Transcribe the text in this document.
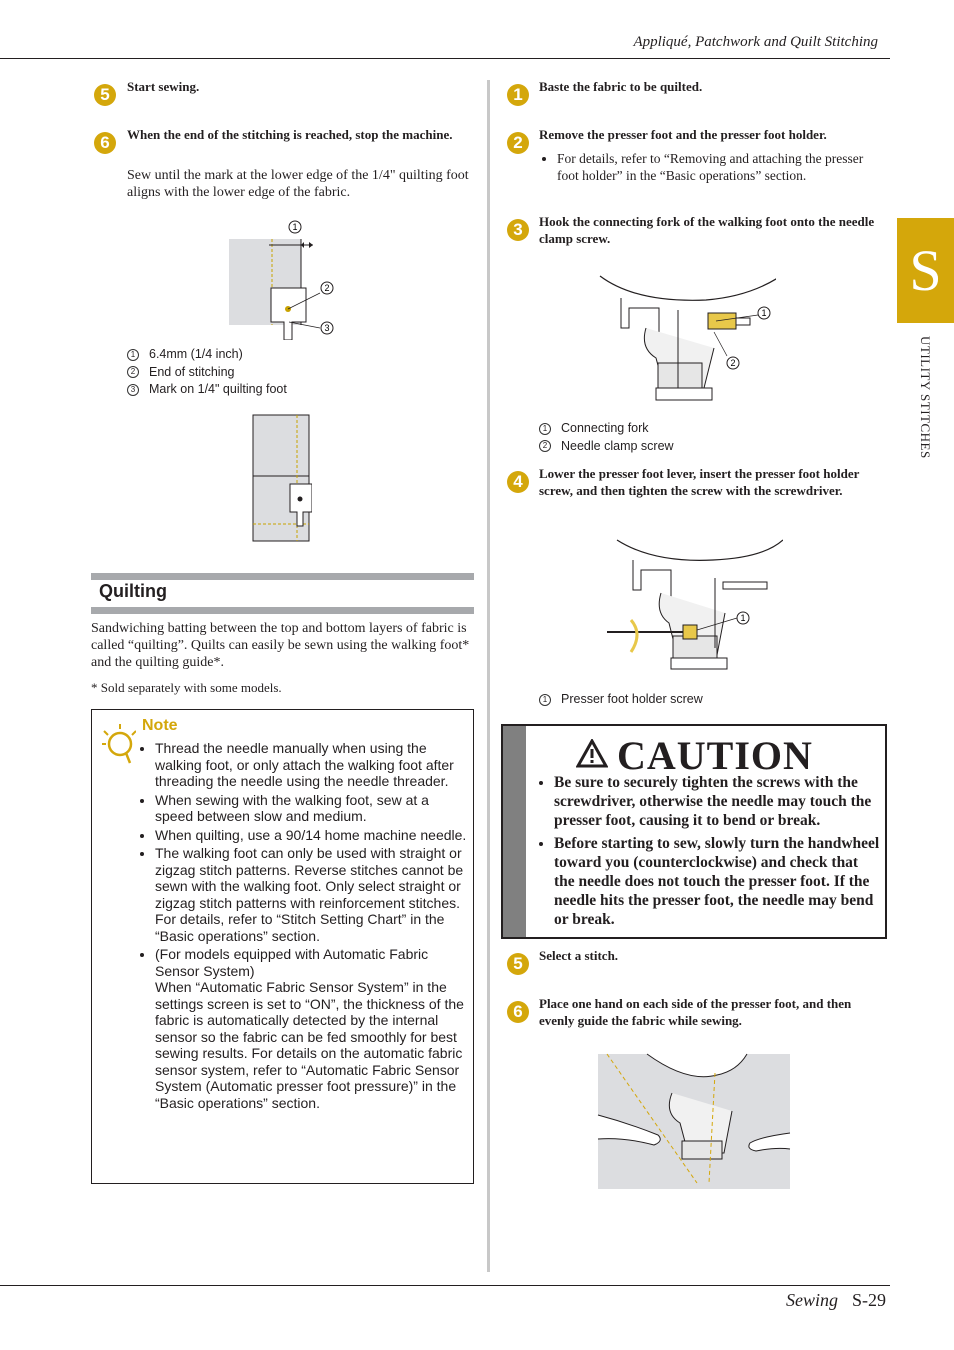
Appliqué, Patchwork and Quilt Stitching
S
UTILITY STITCHES
Sewing S-29
5	Start sewing.
6	When the end of the stitching is reached, stop the machine.
Sew until the mark at the lower edge of the 1/4" quilting foot aligns with the lower edge of the fabric.
1
2
3
1 6.4mm (1/4 inch)
2 End of stitching
3 Mark on 1/4" quilting foot
Quilting
Sandwiching batting between the top and bottom layers of fabric is called “quilting”. Quilts can easily be sewn using the walking foot* and the quilting guide*.
* Sold separately with some models.
Note
• Thread the needle manually when using the walking foot, or only attach the walking foot after threading the needle using the needle threader.
• When sewing with the walking foot, sew at a speed between slow and medium.
• When quilting, use a 90/14 home machine needle.
• The walking foot can only be used with straight or zigzag stitch patterns. Reverse stitches cannot be sewn with the walking foot. Only select straight or zigzag stitch patterns with reinforcement stitches. For details, refer to “Stitch Setting Chart” in the “Basic operations” section.
• (For models equipped with Automatic Fabric Sensor System)
When “Automatic Fabric Sensor System” in the settings screen is set to “ON”, the thickness of the fabric is automatically detected by the internal sensor so the fabric can be fed smoothly for best sewing results. For details on the automatic fabric sensor system, refer to “Automatic Fabric Sensor System (Automatic presser foot pressure)” in the “Basic operations” section.
1	Baste the fabric to be quilted.
2	Remove the presser foot and the presser foot holder.
• For details, refer to “Removing and attaching the presser foot holder” in the “Basic operations” section.
3	Hook the connecting fork of the walking foot onto the needle clamp screw.
1
2
1 Connecting fork
2 Needle clamp screw
4	Lower the presser foot lever, insert the presser foot holder screw, and then tighten the screw with the screwdriver.
1
1 Presser foot holder screw
CAUTION
• Be sure to securely tighten the screws with the screwdriver, otherwise the needle may touch the presser foot, causing it to bend or break.
• Before starting to sew, slowly turn the handwheel toward you (counterclockwise) and check that the needle does not touch the presser foot. If the needle hits the presser foot, the needle may bend or break.
5	Select a stitch.
6	Place one hand on each side of the presser foot, and then evenly guide the fabric while sewing.
